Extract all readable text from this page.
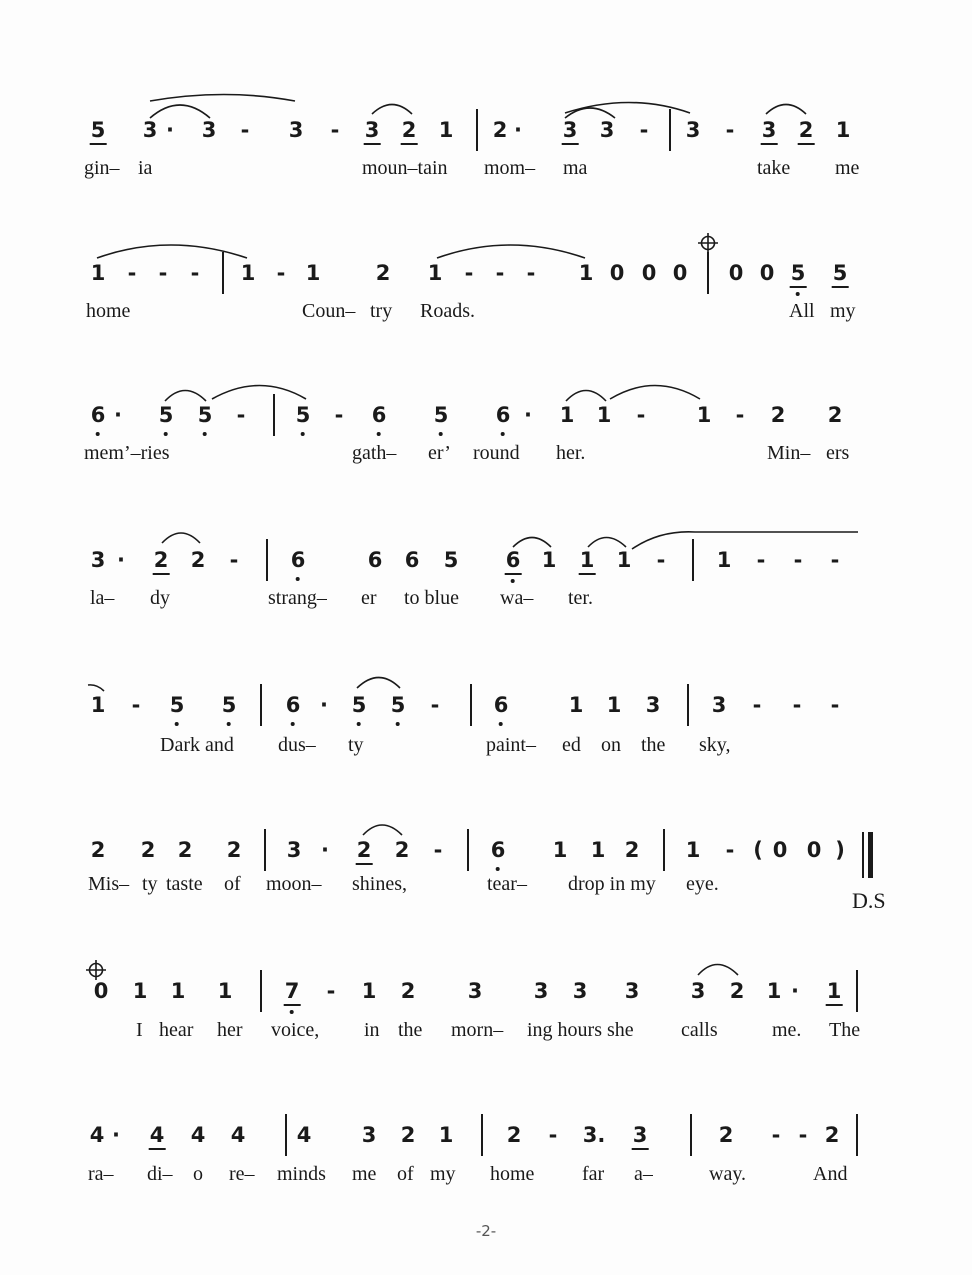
5 3 · 3 - 3 - 3 2 1 2 · 3 3 - 3 - 3 2 1
1 - - - 1 - 1	2 1 - - - 1 0 0 0 0 0 5 5
6 · 5 5 - 5 - 6 5 6 · 1 1 - 1 - 2 2
3 · 2 2 - 6	6 6 5 6 1 1 1 - 1 - - -
1 - 5 5 6 · 5 5 -	6	1 1 3 3 - - -
2 2 2 2 3 · 2 2 - 6 1 1 2 1 - ( 0 0 )
0 1 1 1 7 - 1 2 3 3 3 3 3 2 1 · 1
4 · 4 4 4 4 3 2 1	2 - 3. 3	2 - - 2
gin– ia	moun–tain mom– ma	take me
home	Coun– try Roads.	All my
mem’–ries	gath– er’ round her.	Min– ers
la– dy	strang– er to blue wa– ter.
Dark and dus– ty	paint– ed on the sky,
Mis– ty taste of moon– shines,	tear– drop in my eye.
I hear her voice, in the morn– ing hours she calls	me. The
ra– di– o re– minds me of my home far a–	way.	And
D.S
-2-
